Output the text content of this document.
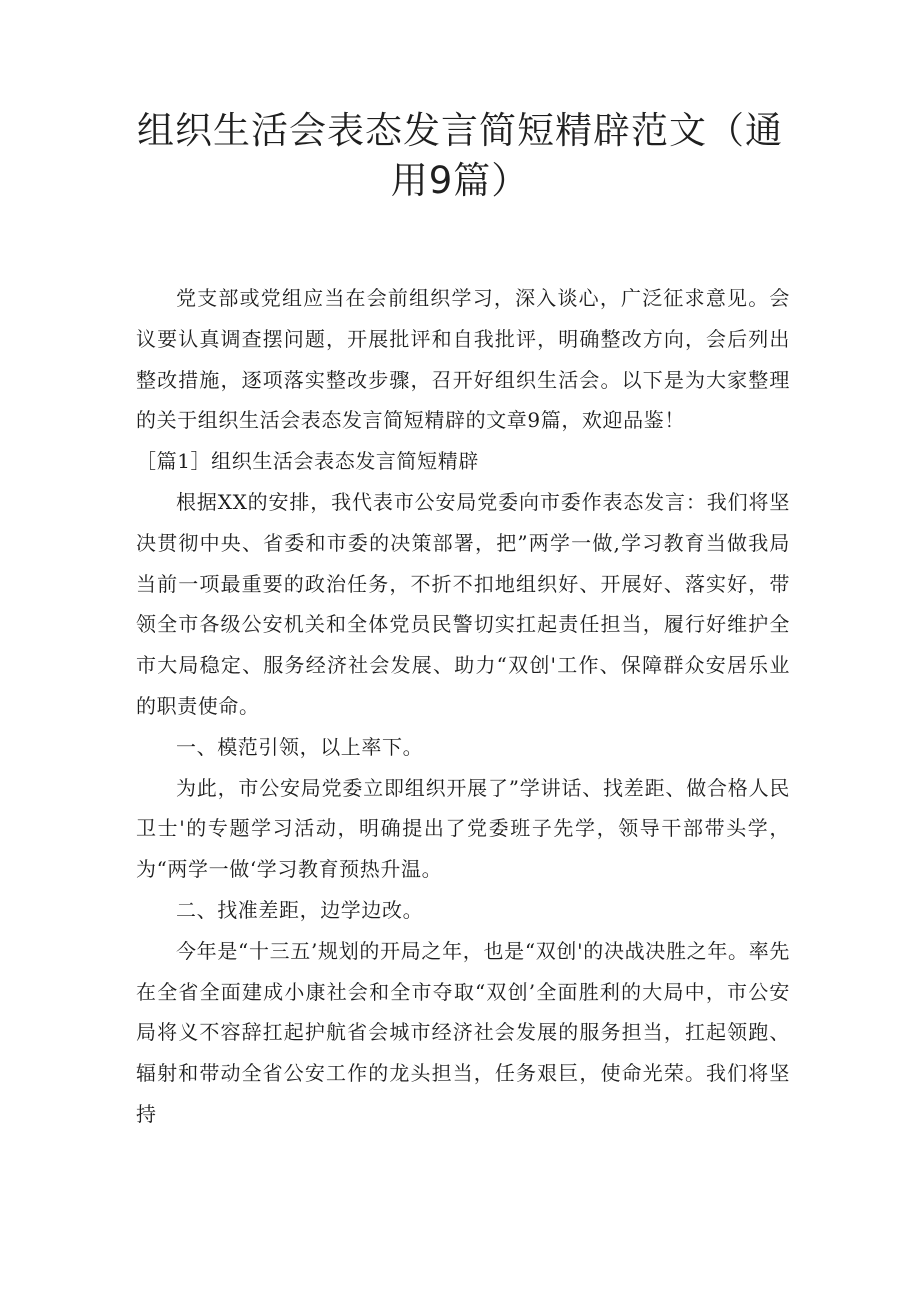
组织生活会表态发言简短精辟范文（通用9篇）

党支部或党组应当在会前组织学习，深入谈心，广泛征求意见。会议要认真调查摆问题，开展批评和自我批评，明确整改方向，会后列出整改措施，逐项落实整改步骤，召开好组织生活会。以下是为大家整理的关于组织生活会表态发言简短精辟的文章9篇，欢迎品鉴！

［篇1］组织生活会表态发言简短精辟

根据XX的安排，我代表市公安局党委向市委作表态发言：我们将坚决贯彻中央、省委和市委的决策部署，把”两学一做,学习教育当做我局当前一项最重要的政治任务，不折不扣地组织好、开展好、落实好，带领全市各级公安机关和全体党员民警切实扛起责任担当，履行好维护全市大局稳定、服务经济社会发展、助力“双创'工作、保障群众安居乐业的职责使命。

一、模范引领，以上率下。

为此，市公安局党委立即组织开展了”学讲话、找差距、做合格人民卫士'的专题学习活动，明确提出了党委班子先学，领导干部带头学，为“两学一做‘学习教育预热升温。

二、找准差距，边学边改。

今年是“十三五’规划的开局之年，也是“双创'的决战决胜之年。率先在全省全面建成小康社会和全市夺取“双创’全面胜利的大局中，市公安局将义不容辞扛起护航省会城市经济社会发展的服务担当，扛起领跑、辐射和带动全省公安工作的龙头担当，任务艰巨，使命光荣。我们将坚持
